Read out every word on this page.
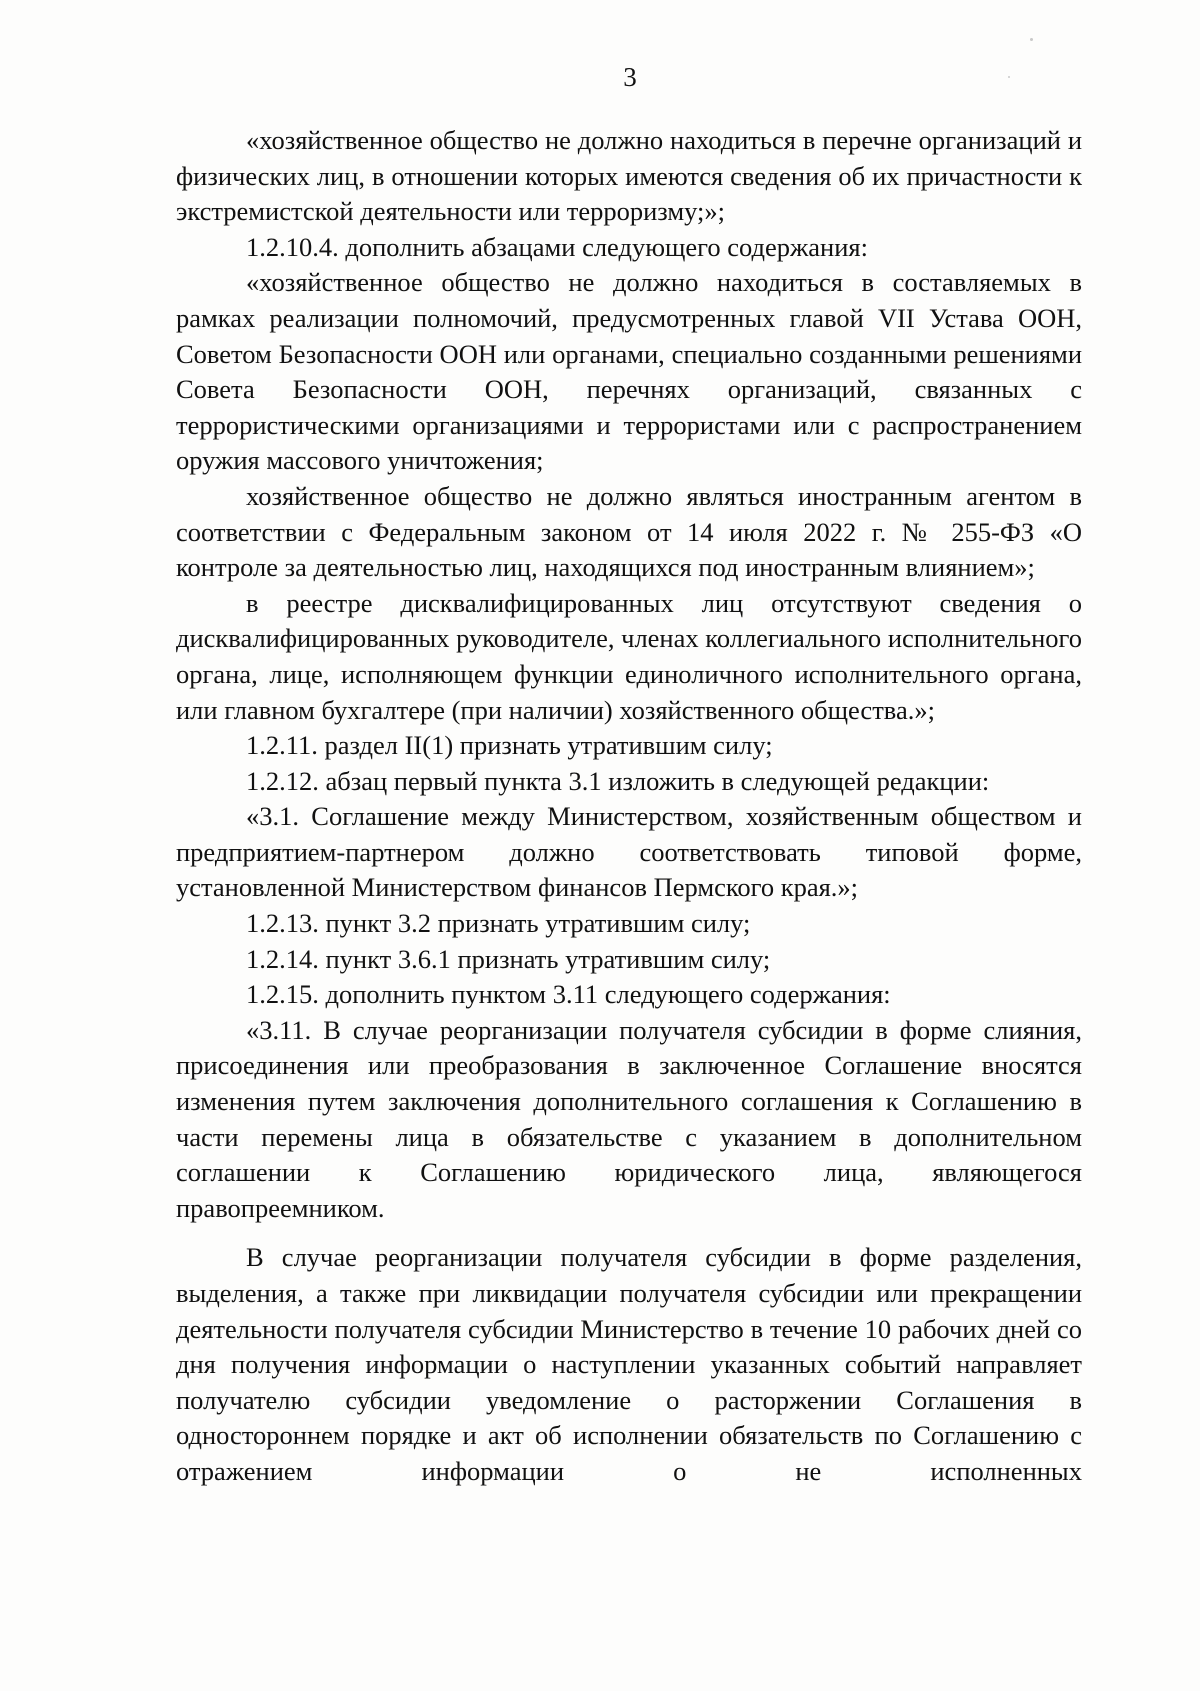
3

«хозяйственное общество не должно находиться в перечне организаций и физических лиц, в отношении которых имеются сведения об их причастности к экстремистской деятельности или терроризму;»;

1.2.10.4. дополнить абзацами следующего содержания:

«хозяйственное общество не должно находиться в составляемых в рамках реализации полномочий, предусмотренных главой VII Устава ООН, Советом Безопасности ООН или органами, специально созданными решениями Совета Безопасности ООН, перечнях организаций, связанных с террористическими организациями и террористами или с распространением оружия массового уничтожения;

хозяйственное общество не должно являться иностранным агентом в соответствии с Федеральным законом от 14 июля 2022 г. № 255-ФЗ «О контроле за деятельностью лиц, находящихся под иностранным влиянием»;

в реестре дисквалифицированных лиц отсутствуют сведения о дисквалифицированных руководителе, членах коллегиального исполнительного органа, лице, исполняющем функции единоличного исполнительного органа, или главном бухгалтере (при наличии) хозяйственного общества.»;

1.2.11. раздел II(1) признать утратившим силу;

1.2.12. абзац первый пункта 3.1 изложить в следующей редакции:

«3.1. Соглашение между Министерством, хозяйственным обществом и предприятием-партнером должно соответствовать типовой форме, установленной Министерством финансов Пермского края.»;

1.2.13. пункт 3.2 признать утратившим силу;

1.2.14. пункт 3.6.1 признать утратившим силу;

1.2.15. дополнить пунктом 3.11 следующего содержания:

«3.11. В случае реорганизации получателя субсидии в форме слияния, присоединения или преобразования в заключенное Соглашение вносятся изменения путем заключения дополнительного соглашения к Соглашению в части перемены лица в обязательстве с указанием в дополнительном соглашении к Соглашению юридического лица, являющегося правопреемником.

В случае реорганизации получателя субсидии в форме разделения, выделения, а также при ликвидации получателя субсидии или прекращении деятельности получателя субсидии Министерство в течение 10 рабочих дней со дня получения информации о наступлении указанных событий направляет получателю субсидии уведомление о расторжении Соглашения в одностороннем порядке и акт об исполнении обязательств по Соглашению с отражением информации о не исполненных
